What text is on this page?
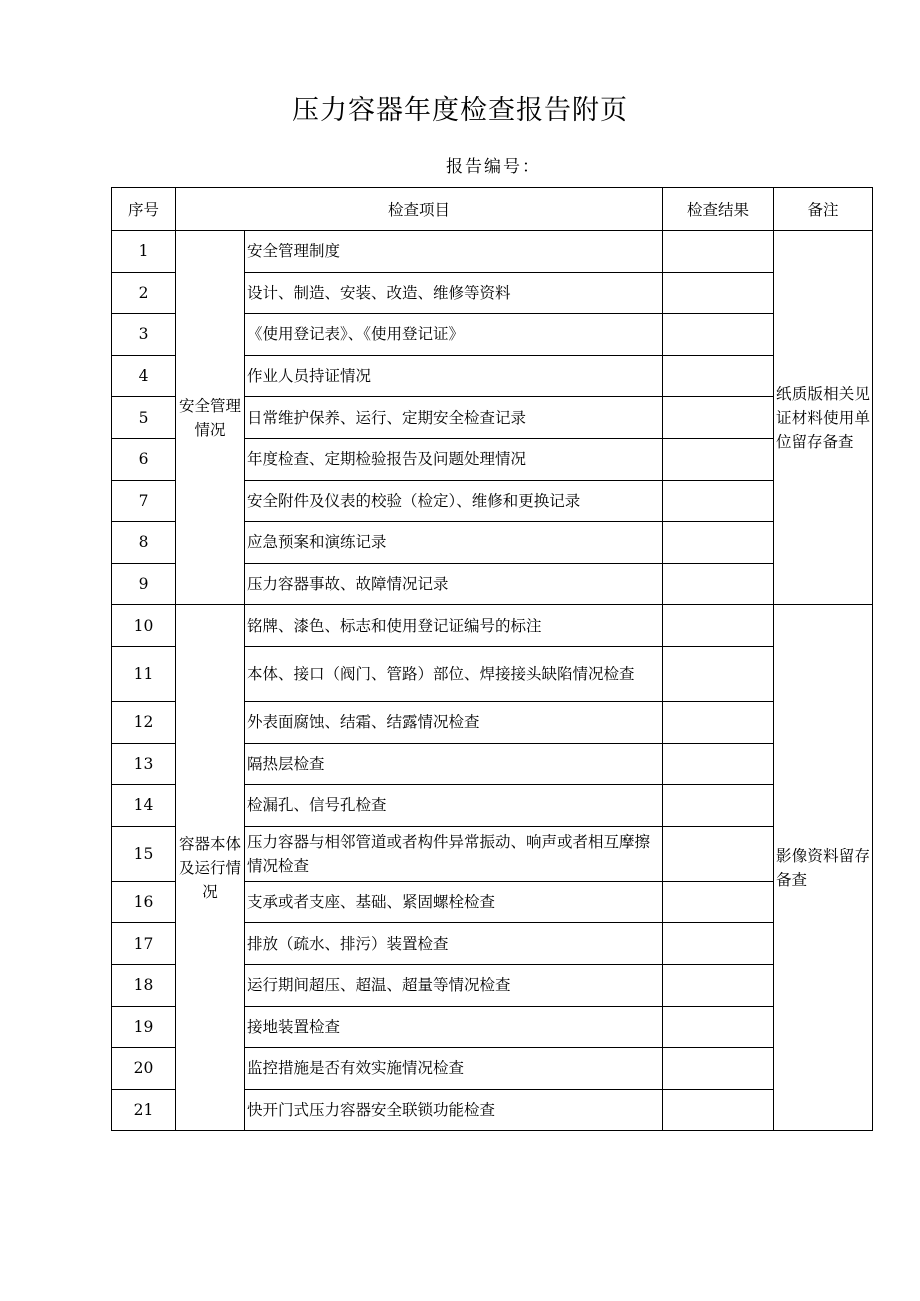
压力容器年度检查报告附页
报告编号：
序号	检查项目		检查结果	备注
1	安全管理情况	安全管理制度		纸质版相关见证材料使用单位留存备查
2		设计、制造、安装、改造、维修等资料		
3		《使用登记表》、《使用登记证》		
4		作业人员持证情况		
5		日常维护保养、运行、定期安全检查记录		
6		年度检查、定期检验报告及问题处理情况		
7		安全附件及仪表的校验（检定）、维修和更换记录		
8		应急预案和演练记录		
9		压力容器事故、故障情况记录		
10	容器本体及运行情况	铭牌、漆色、标志和使用登记证编号的标注		影像资料留存备查
11		本体、接口（阀门、管路）部位、焊接接头缺陷情况检查		
12		外表面腐蚀、结霜、结露情况检查		
13		隔热层检查		
14		检漏孔、信号孔检查		
15		压力容器与相邻管道或者构件异常振动、响声或者相互摩擦情况检查		
16		支承或者支座、基础、紧固螺栓检查		
17		排放（疏水、排污）装置检查		
18		运行期间超压、超温、超量等情况检查		
19		接地装置检查		
20		监控措施是否有效实施情况检查		
21		快开门式压力容器安全联锁功能检查		
